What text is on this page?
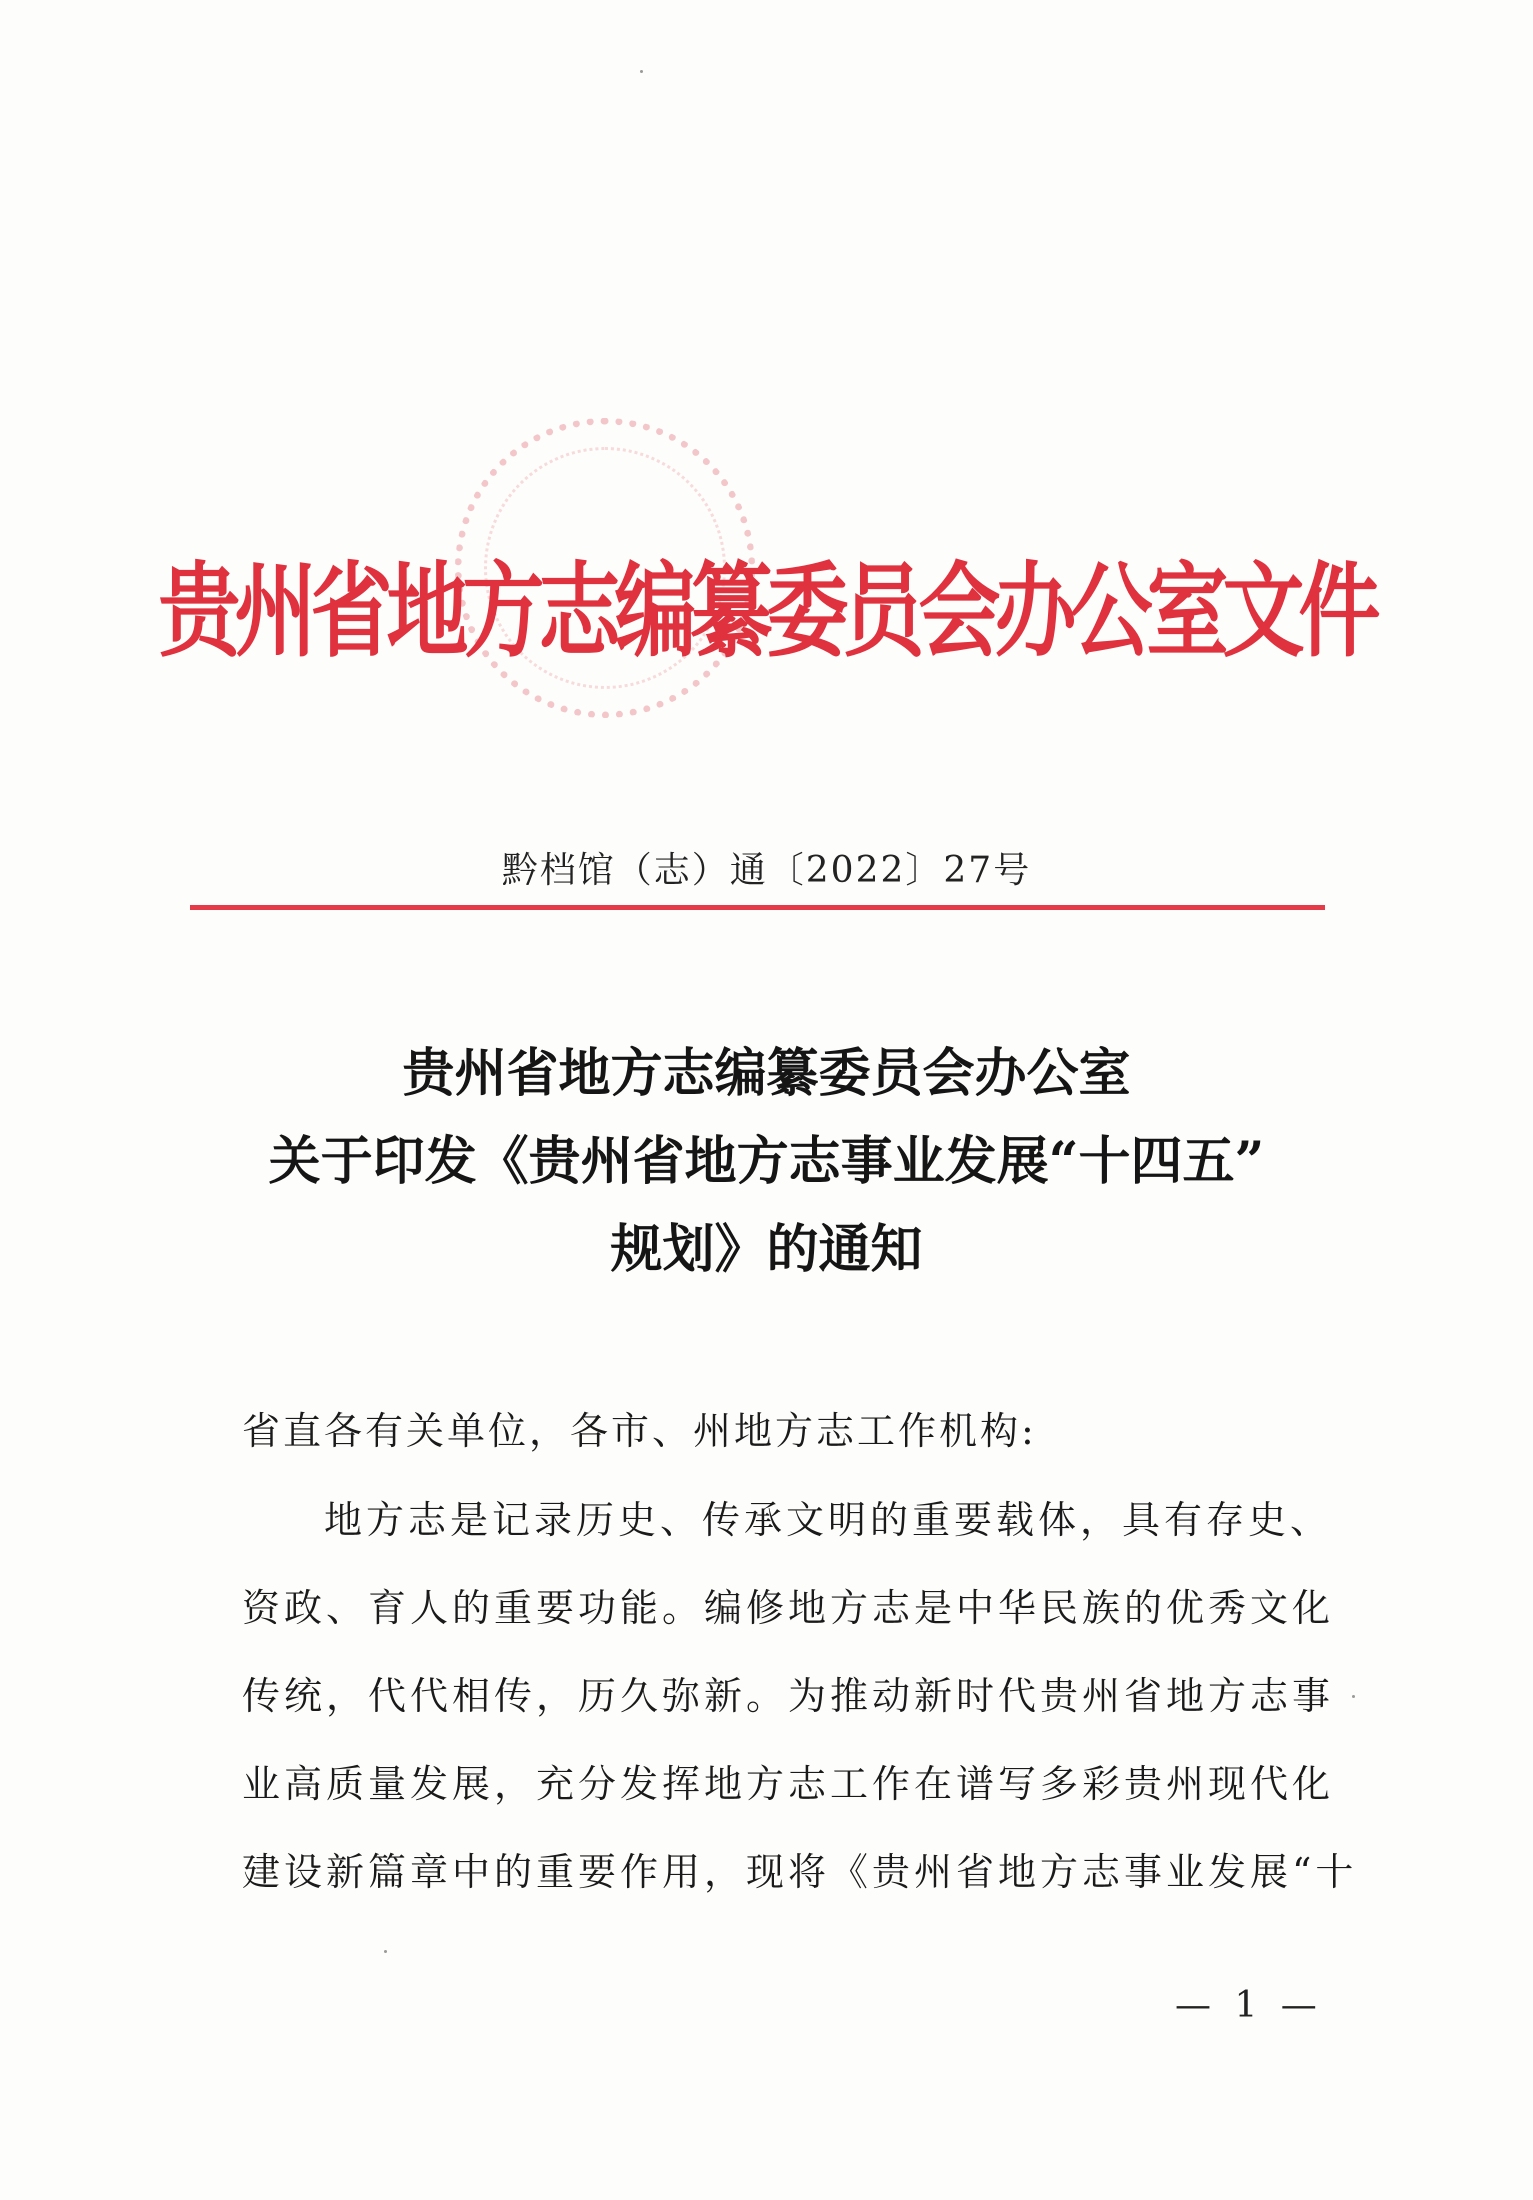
贵州省地方志编纂委员会办公室文件
黔档馆（志）通〔2022〕27号
贵州省地方志编纂委员会办公室
关于印发《贵州省地方志事业发展“十四五”
规划》的通知
省直各有关单位，各市、州地方志工作机构:
地方志是记录历史、传承文明的重要载体，具有存史、
资政、育人的重要功能。编修地方志是中华民族的优秀文化
传统，代代相传，历久弥新。为推动新时代贵州省地方志事
业高质量发展，充分发挥地方志工作在谱写多彩贵州现代化
建设新篇章中的重要作用，现将《贵州省地方志事业发展“十
— 1 —
